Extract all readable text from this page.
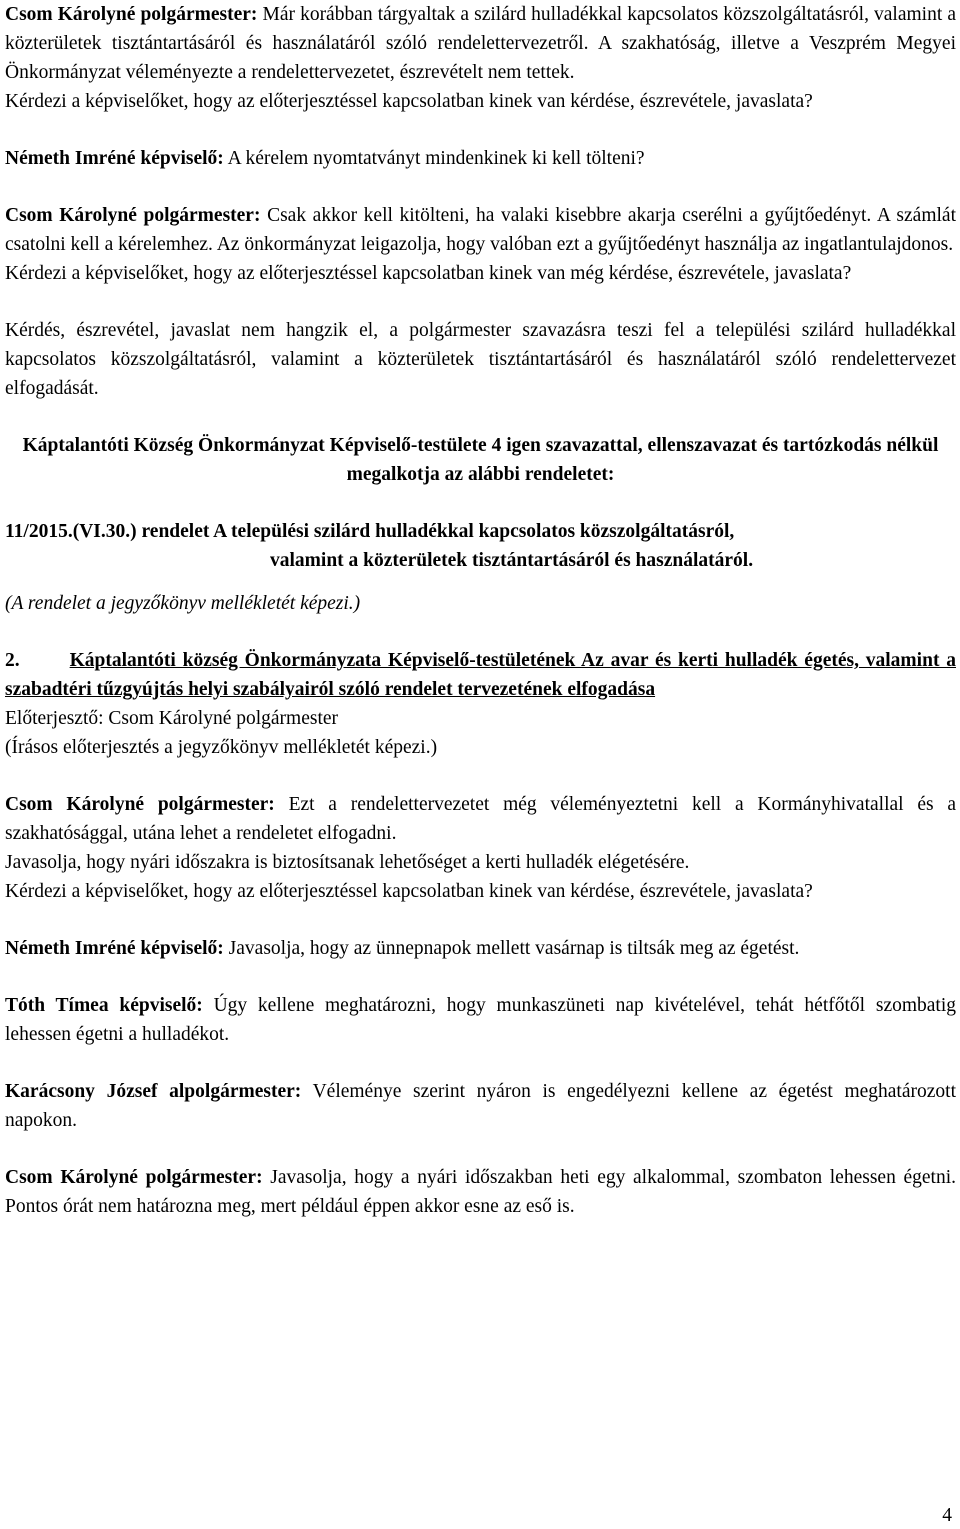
Csom Károlyné polgármester: Már korábban tárgyaltak a szilárd hulladékkal kapcsolatos közszolgáltatásról, valamint a közterületek tisztántartásáról és használatáról szóló rendelettervezetről. A szakhatóság, illetve a Veszprém Megyei Önkormányzat véleményezte a rendelettervezetet, észrevételt nem tettek.

Kérdezi a képviselőket, hogy az előterjesztéssel kapcsolatban kinek van kérdése, észrevétele, javaslata?

Németh Imréné képviselő: A kérelem nyomtatványt mindenkinek ki kell tölteni?

Csom Károlyné polgármester: Csak akkor kell kitölteni, ha valaki kisebbre akarja cserélni a gyűjtőedényt. A számlát csatolni kell a kérelemhez. Az önkormányzat leigazolja, hogy valóban ezt a gyűjtőedényt használja az ingatlantulajdonos.

Kérdezi a képviselőket, hogy az előterjesztéssel kapcsolatban kinek van még kérdése, észrevétele, javaslata?

Kérdés, észrevétel, javaslat nem hangzik el, a polgármester szavazásra teszi fel a települési szilárd hulladékkal kapcsolatos közszolgáltatásról, valamint a közterületek tisztántartásáról és használatáról szóló rendelettervezet elfogadását.

Káptalantóti Község Önkormányzat Képviselő-testülete 4 igen szavazattal, ellenszavazat és tartózkodás nélkül megalkotja az alábbi rendeletet:

11/2015.(VI.30.) rendelet A települési szilárd hulladékkal kapcsolatos közszolgáltatásról,

valamint a közterületek tisztántartásáról és használatáról.

(A rendelet a jegyzőkönyv mellékletét képezi.)

2.	Káptalantóti község Önkormányzata Képviselő-testületének Az avar és kerti hulladék égetés, valamint a szabadtéri tűzgyújtás helyi szabályairól szóló rendelet tervezetének elfogadása

Előterjesztő: Csom Károlyné polgármester

(Írásos előterjesztés a jegyzőkönyv mellékletét képezi.)

Csom Károlyné polgármester: Ezt a rendelettervezetet még véleményeztetni kell a Kormányhivatallal és a szakhatósággal, utána lehet a rendeletet elfogadni.

Javasolja, hogy nyári időszakra is biztosítsanak lehetőséget a kerti hulladék elégetésére.

Kérdezi a képviselőket, hogy az előterjesztéssel kapcsolatban kinek van kérdése, észrevétele, javaslata?

Németh Imréné képviselő: Javasolja, hogy az ünnepnapok mellett vasárnap is tiltsák meg az égetést.

Tóth Tímea képviselő: Úgy kellene meghatározni, hogy munkaszüneti nap kivételével, tehát hétfőtől szombatig lehessen égetni a hulladékot.

Karácsony József alpolgármester: Véleménye szerint nyáron is engedélyezni kellene az égetést meghatározott napokon.

Csom Károlyné polgármester: Javasolja, hogy a nyári időszakban heti egy alkalommal, szombaton lehessen égetni. Pontos órát nem határozna meg, mert például éppen akkor esne az eső is.

4
